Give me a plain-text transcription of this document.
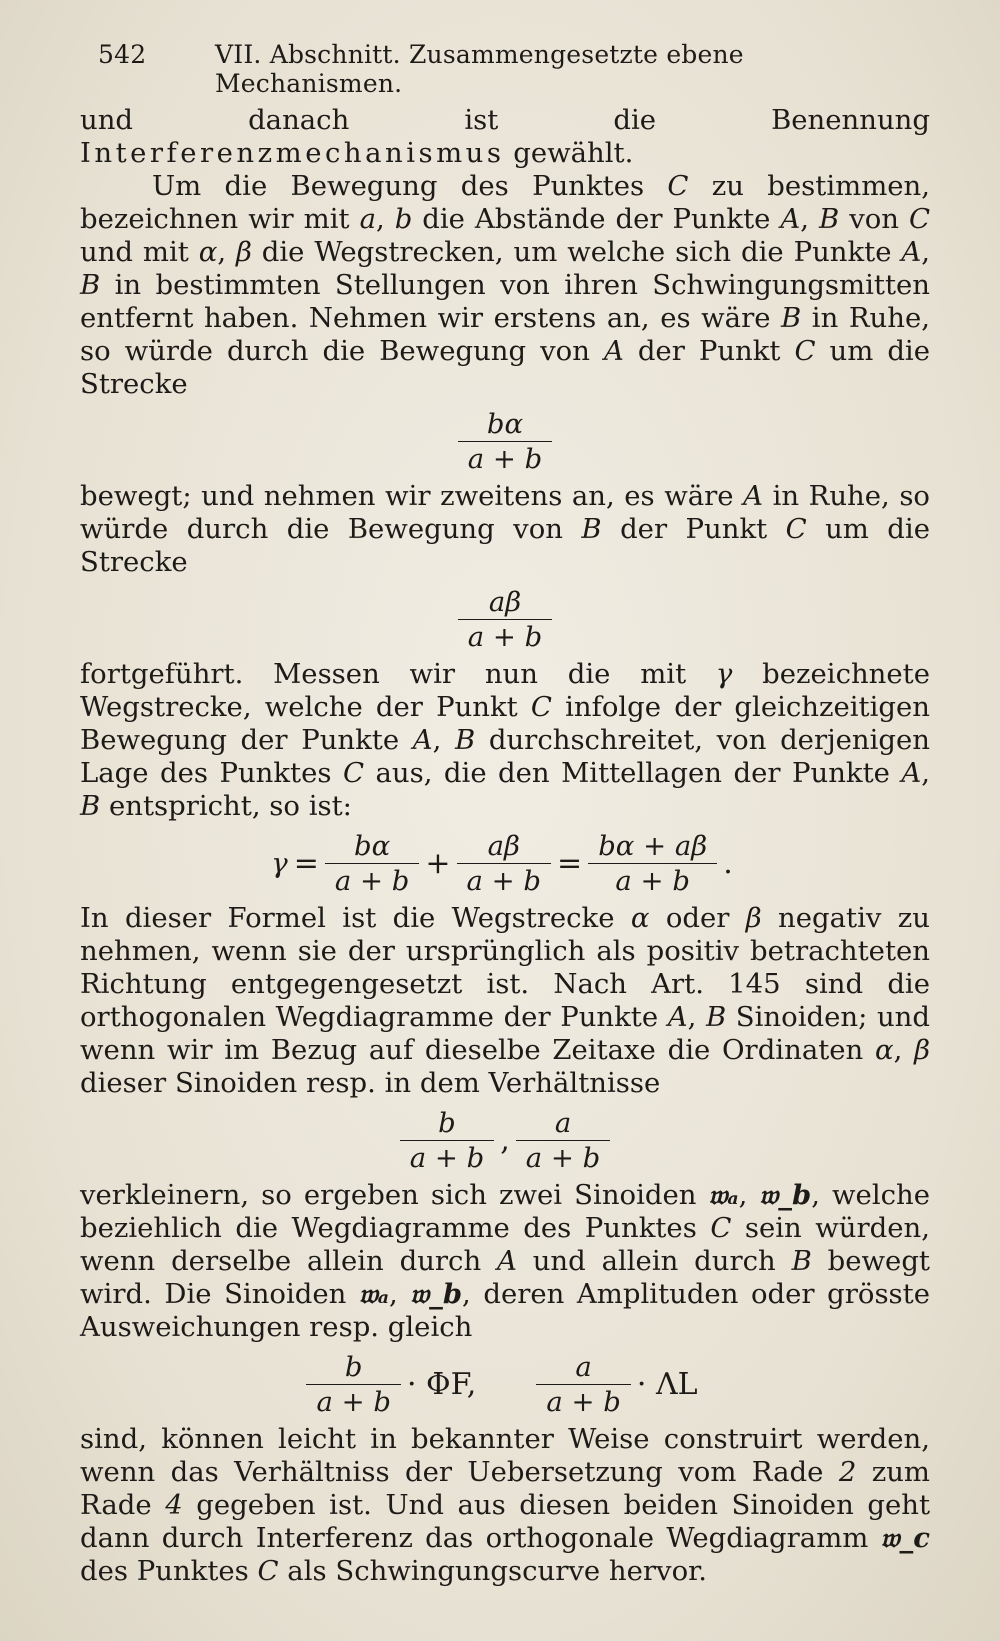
542	VII. Abschnitt. Zusammengesetzte ebene Mechanismen.

und danach ist die Benennung Interferenzmechanismus gewählt.

Um die Bewegung des Punktes C zu bestimmen, bezeichnen wir mit a, b die Abstände der Punkte A, B von C und mit α, β die Wegstrecken, um welche sich die Punkte A, B in bestimmten Stellungen von ihren Schwingungsmitten entfernt haben. Nehmen wir erstens an, es wäre B in Ruhe, so würde durch die Bewegung von A der Punkt C um die Strecke

$\frac{b\alpha}{a + b}$

bewegt; und nehmen wir zweitens an, es wäre A in Ruhe, so würde durch die Bewegung von B der Punkt C um die Strecke

$\frac{a\beta}{a + b}$

fortgeführt. Messen wir nun die mit γ bezeichnete Wegstrecke, welche der Punkt C infolge der gleichzeitigen Bewegung der Punkte A, B durchschreitet, von derjenigen Lage des Punktes C aus, die den Mittellagen der Punkte A, B entspricht, so ist:

$\gamma = \frac{b\alpha}{a + b} + \frac{a\beta}{a + b} = \frac{b\alpha + a\beta}{a + b}$ .

In dieser Formel ist die Wegstrecke α oder β negativ zu nehmen, wenn sie der ursprünglich als positiv betrachteten Richtung entgegengesetzt ist. Nach Art. 145 sind die orthogonalen Wegdiagramme der Punkte A, B Sinoiden; und wenn wir im Bezug auf dieselbe Zeitaxe die Ordinaten α, β dieser Sinoiden resp. in dem Verhältnisse

$\frac{b}{a + b}$ , $\frac{a}{a + b}$

verkleinern, so ergeben sich zwei Sinoiden 𝔴ₐ, 𝔴_b, welche beziehlich die Wegdiagramme des Punktes C sein würden, wenn derselbe allein durch A und allein durch B bewegt wird. Die Sinoiden 𝔴ₐ, 𝔴_b, deren Amplituden oder grösste Ausweichungen resp. gleich

$\frac{b}{a + b} \cdot \Phi F$, $\frac{a}{a + b} \cdot \Lambda L$

sind, können leicht in bekannter Weise construirt werden, wenn das Verhältniss der Uebersetzung vom Rade 2 zum Rade 4 gegeben ist. Und aus diesen beiden Sinoiden geht dann durch Interferenz das orthogonale Wegdiagramm 𝔴_c des Punktes C als Schwingungscurve hervor.
